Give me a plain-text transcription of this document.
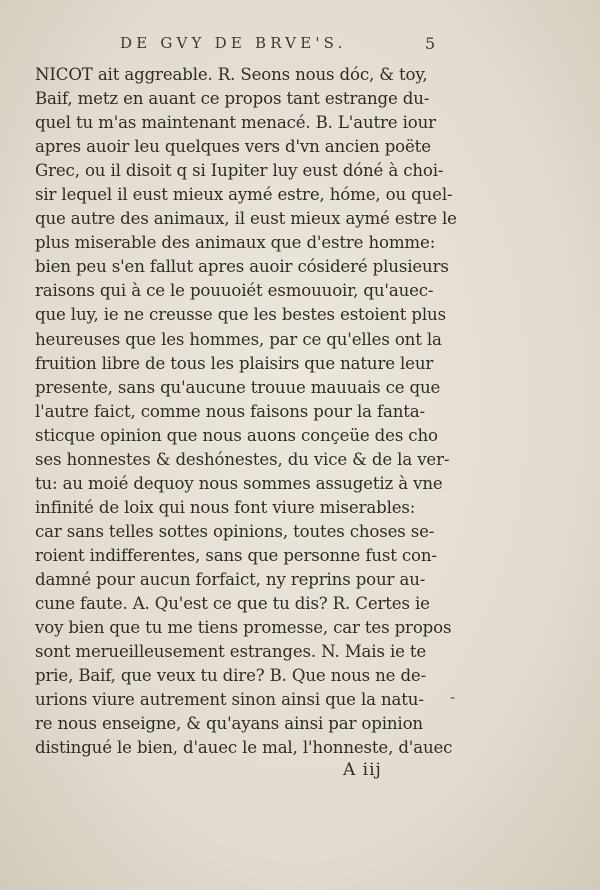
DE GVY DE BRVE'S.	5
NICOT ait aggreable. R. Seons nous dóc, & toy,
Baif, metz en auant ce propos tant estrange du-
quel tu m'as maintenant menacé. B. L'autre iour
apres auoir leu quelques vers d'vn ancien poëte
Grec, ou il disoit q si Iupiter luy eust dóné à choi-
sir lequel il eust mieux aymé estre, hóme, ou quel-
que autre des animaux, il eust mieux aymé estre le
plus miserable des animaux que d'estre homme:
bien peu s'en fallut apres auoir cósideré plusieurs
raisons qui à ce le pouuoiét esmouuoir, qu'auec-
que luy, ie ne creusse que les bestes estoient plus
heureuses que les hommes, par ce qu'elles ont la
fruition libre de tous les plaisirs que nature leur
presente, sans qu'aucune trouue mauuais ce que
l'autre faict, comme nous faisons pour la fanta-
sticque opinion que nous auons conçeüe des cho
ses honnestes & deshónestes, du vice & de la ver-
tu: au moié dequoy nous sommes assugetiz à vne
infinité de loix qui nous font viure miserables:
car sans telles sottes opinions, toutes choses se-
roient indifferentes, sans que personne fust con-
damné pour aucun forfaict, ny reprins pour au-
cune faute. A. Qu'est ce que tu dis? R. Certes ie
voy bien que tu me tiens promesse, car tes propos
sont merueilleusement estranges. N. Mais ie te
prie, Baif, que veux tu dire? B. Que nous ne de-
urions viure autrement sinon ainsi que la natu-
re nous enseigne, & qu'ayans ainsi par opinion
distingué le bien, d'auec le mal, l'honneste, d'auec
-
A iij
